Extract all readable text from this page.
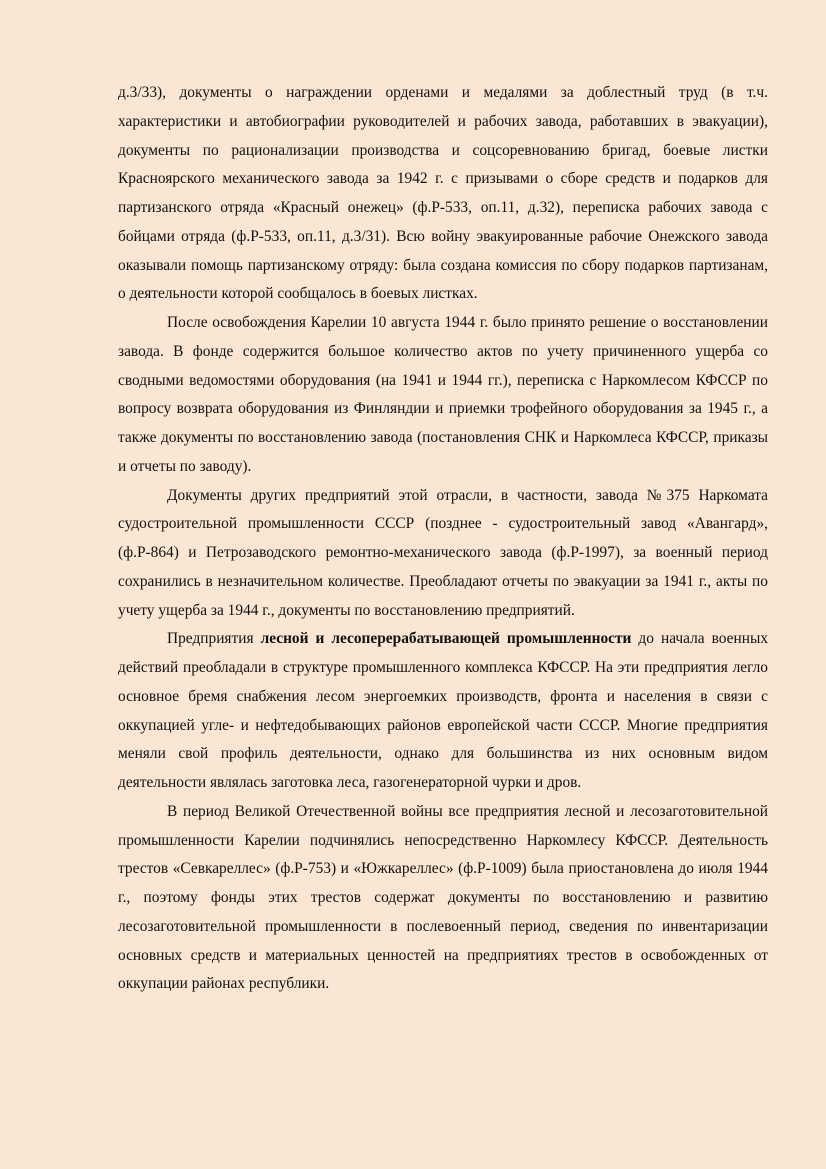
д.3/33), документы о награждении орденами и медалями за доблестный труд (в т.ч. характеристики и автобиографии руководителей и рабочих завода, работавших в эвакуации), документы по рационализации производства и соцсоревнованию бригад, боевые листки Красноярского механического завода за 1942 г. с призывами о сборе средств и подарков для партизанского отряда «Красный онежец» (ф.Р-533, оп.11, д.32), переписка рабочих завода с бойцами отряда (ф.Р-533, оп.11, д.3/31). Всю войну эвакуированные рабочие Онежского завода оказывали помощь партизанскому отряду: была создана комиссия по сбору подарков партизанам, о деятельности которой сообщалось в боевых листках.

После освобождения Карелии 10 августа 1944 г. было принято решение о восстановлении завода. В фонде содержится большое количество актов по учету причиненного ущерба со сводными ведомостями оборудования (на 1941 и 1944 гг.), переписка с Наркомлесом КФССР по вопросу возврата оборудования из Финляндии и приемки трофейного оборудования за 1945 г., а также документы по восстановлению завода (постановления СНК и Наркомлеса КФССР, приказы и отчеты по заводу).

Документы других предприятий этой отрасли, в частности, завода №375 Наркомата судостроительной промышленности СССР (позднее - судостроительный завод «Авангард», (ф.Р-864) и Петрозаводского ремонтно-механического завода (ф.Р-1997), за военный период сохранились в незначительном количестве. Преобладают отчеты по эвакуации за 1941 г., акты по учету ущерба за 1944 г., документы по восстановлению предприятий.

Предприятия лесной и лесоперерабатывающей промышленности до начала военных действий преобладали в структуре промышленного комплекса КФССР. На эти предприятия легло основное бремя снабжения лесом энергоемких производств, фронта и населения в связи с оккупацией угле- и нефтедобывающих районов европейской части СССР. Многие предприятия меняли свой профиль деятельности, однако для большинства из них основным видом деятельности являлась заготовка леса, газогенераторной чурки и дров.

В период Великой Отечественной войны все предприятия лесной и лесозаготовительной промышленности Карелии подчинялись непосредственно Наркомлесу КФССР. Деятельность трестов «Севкареллес» (ф.Р-753) и «Южкареллес» (ф.Р-1009) была приостановлена до июля 1944 г., поэтому фонды этих трестов содержат документы по восстановлению и развитию лесозаготовительной промышленности в послевоенный период, сведения по инвентаризации основных средств и материальных ценностей на предприятиях трестов в освобожденных от оккупации районах республики.
